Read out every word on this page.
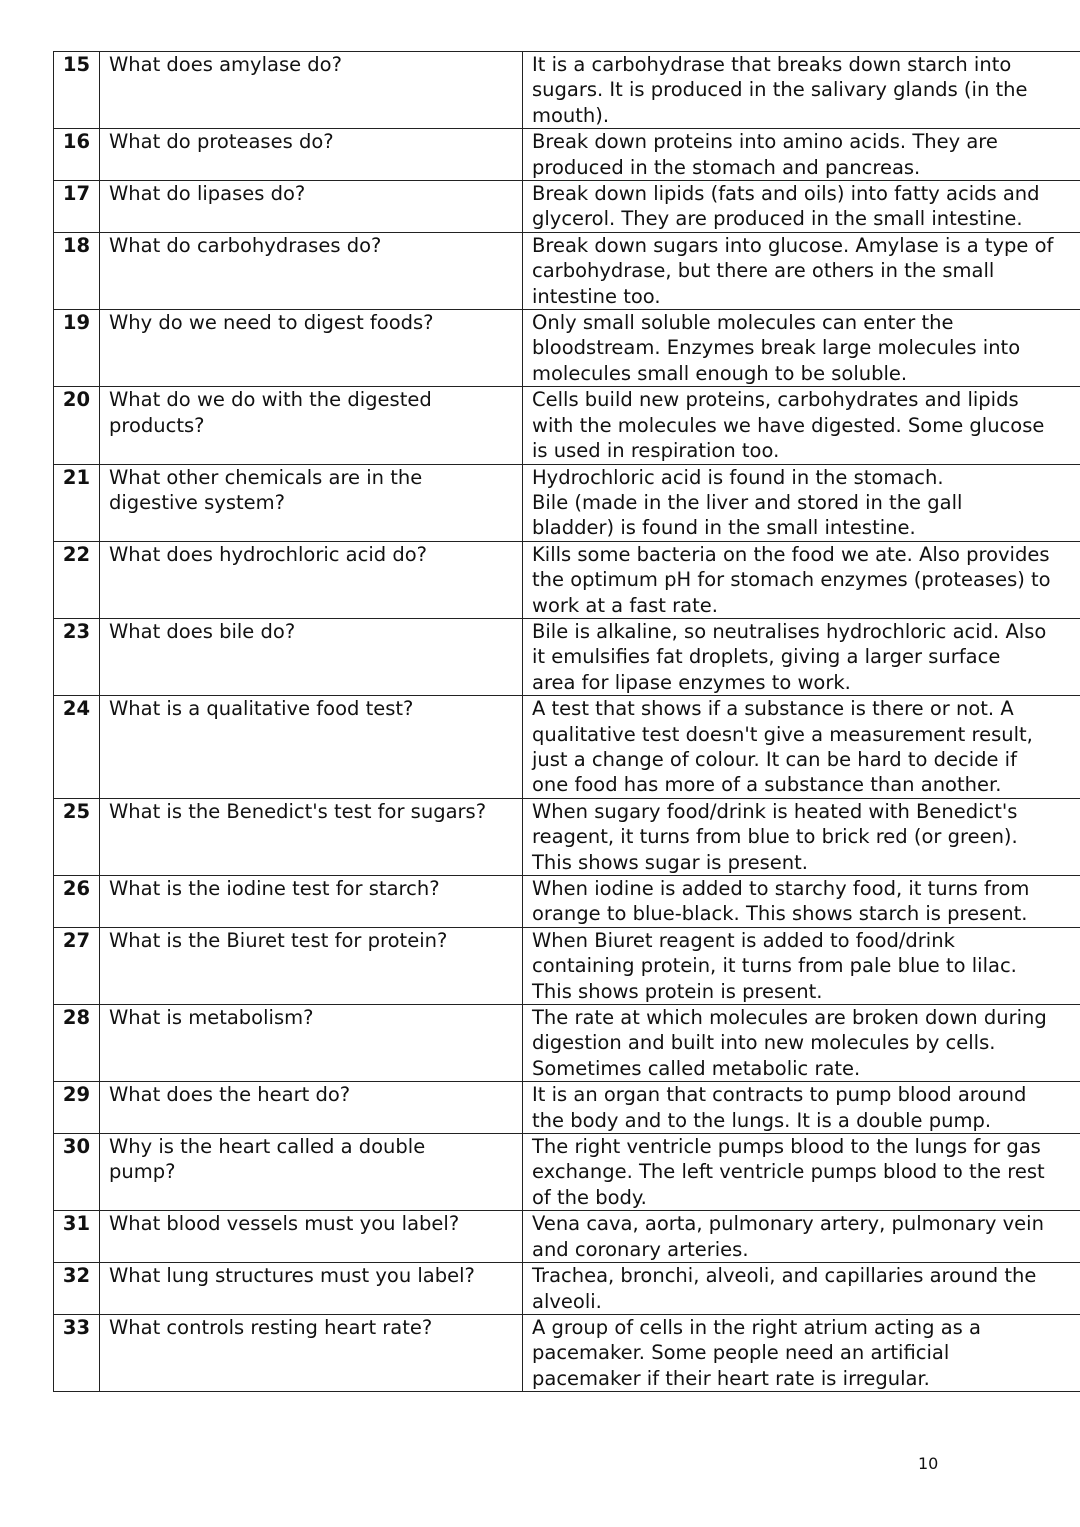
15	What does amylase do?	It is a carbohydrase that breaks down starch into
sugars. It is produced in the salivary glands (in the
mouth).

16	What do proteases do?	Break down proteins into amino acids. They are
produced in the stomach and pancreas.

17	What do lipases do?	Break down lipids (fats and oils) into fatty acids and
glycerol. They are produced in the small intestine.

18	What do carbohydrases do?	Break down sugars into glucose. Amylase is a type of
carbohydrase, but there are others in the small
intestine too.

19	Why do we need to digest foods?	Only small soluble molecules can enter the
bloodstream. Enzymes break large molecules into
molecules small enough to be soluble.

20	What do we do with the digested
products?	Cells build new proteins, carbohydrates and lipids
with the molecules we have digested. Some glucose
is used in respiration too.

21	What other chemicals are in the
digestive system?	Hydrochloric acid is found in the stomach.
Bile (made in the liver and stored in the gall
bladder) is found in the small intestine.

22	What does hydrochloric acid do?	Kills some bacteria on the food we ate. Also provides
the optimum pH for stomach enzymes (proteases) to
work at a fast rate.

23	What does bile do?	Bile is alkaline, so neutralises hydrochloric acid. Also
it emulsifies fat droplets, giving a larger surface
area for lipase enzymes to work.

24	What is a qualitative food test?	A test that shows if a substance is there or not. A
qualitative test doesn't give a measurement result,
just a change of colour. It can be hard to decide if
one food has more of a substance than another.

25	What is the Benedict's test for sugars?	When sugary food/drink is heated with Benedict's
reagent, it turns from blue to brick red (or green).
This shows sugar is present.

26	What is the iodine test for starch?	When iodine is added to starchy food, it turns from
orange to blue-black. This shows starch is present.

27	What is the Biuret test for protein?	When Biuret reagent is added to food/drink
containing protein, it turns from pale blue to lilac.
This shows protein is present.

28	What is metabolism?	The rate at which molecules are broken down during
digestion and built into new molecules by cells.
Sometimes called metabolic rate.

29	What does the heart do?	It is an organ that contracts to pump blood around
the body and to the lungs. It is a double pump.

30	Why is the heart called a double
pump?	The right ventricle pumps blood to the lungs for gas
exchange. The left ventricle pumps blood to the rest
of the body.

31	What blood vessels must you label?	Vena cava, aorta, pulmonary artery, pulmonary vein
and coronary arteries.

32	What lung structures must you label?	Trachea, bronchi, alveoli, and capillaries around the
alveoli.

33	What controls resting heart rate?	A group of cells in the right atrium acting as a
pacemaker. Some people need an artificial
pacemaker if their heart rate is irregular.
10
